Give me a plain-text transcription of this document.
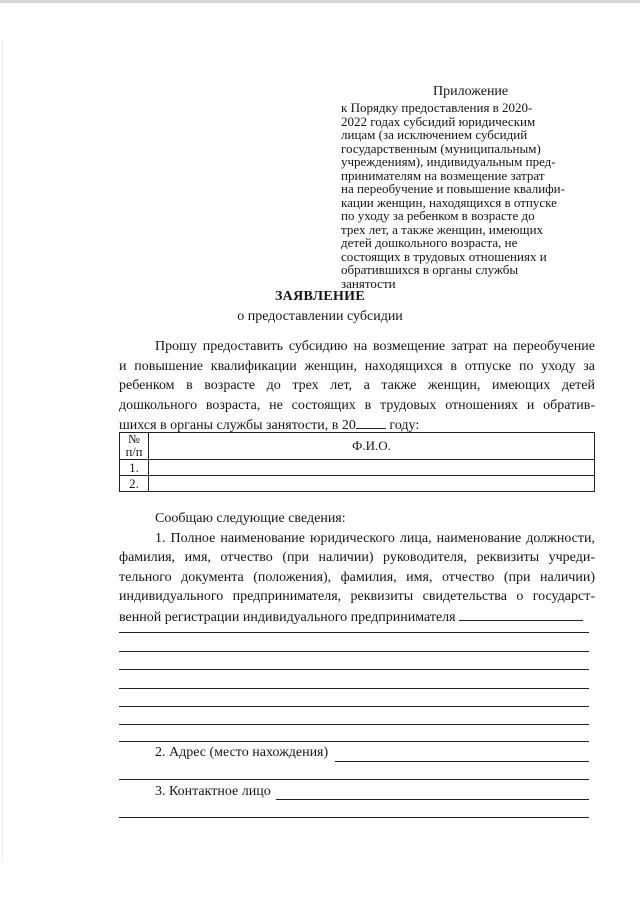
Приложение
к Порядку предоставления в 2020-
2022 годах субсидий юридическим
лицам (за исключением субсидий
государственным (муниципальным)
учреждениям), индивидуальным пред-
принимателям на возмещение затрат
на переобучение и повышение квалифи-
кации женщин, находящихся в отпуске
по уходу за ребенком в возрасте до
трех лет, а также женщин, имеющих
детей дошкольного возраста, не
состоящих в трудовых отношениях и
обратившихся в органы службы
занятости
ЗАЯВЛЕНИЕ
о предоставлении субсидии
Прошу предоставить субсидию на возмещение затрат на переобучение
и повышение квалификации женщин, находящихся в отпуске по уходу за
ребенком в возрасте до трех лет, а также женщин, имеющих детей
дошкольного возраста, не состоящих в трудовых отношениях и обратив-
шихся в органы службы занятости, в 20 году:
№
п/п	Ф.И.О.
1.	
2.	
Сообщаю следующие сведения:
1. Полное наименование юридического лица, наименование должности,
фамилия, имя, отчество (при наличии) руководителя, реквизиты учреди-
тельного документа (положения), фамилия, имя, отчество (при наличии)
индивидуального предпринимателя, реквизиты свидетельства о государст-
венной регистрации индивидуального предпринимателя
2. Адрес (место нахождения)
3. Контактное лицо
